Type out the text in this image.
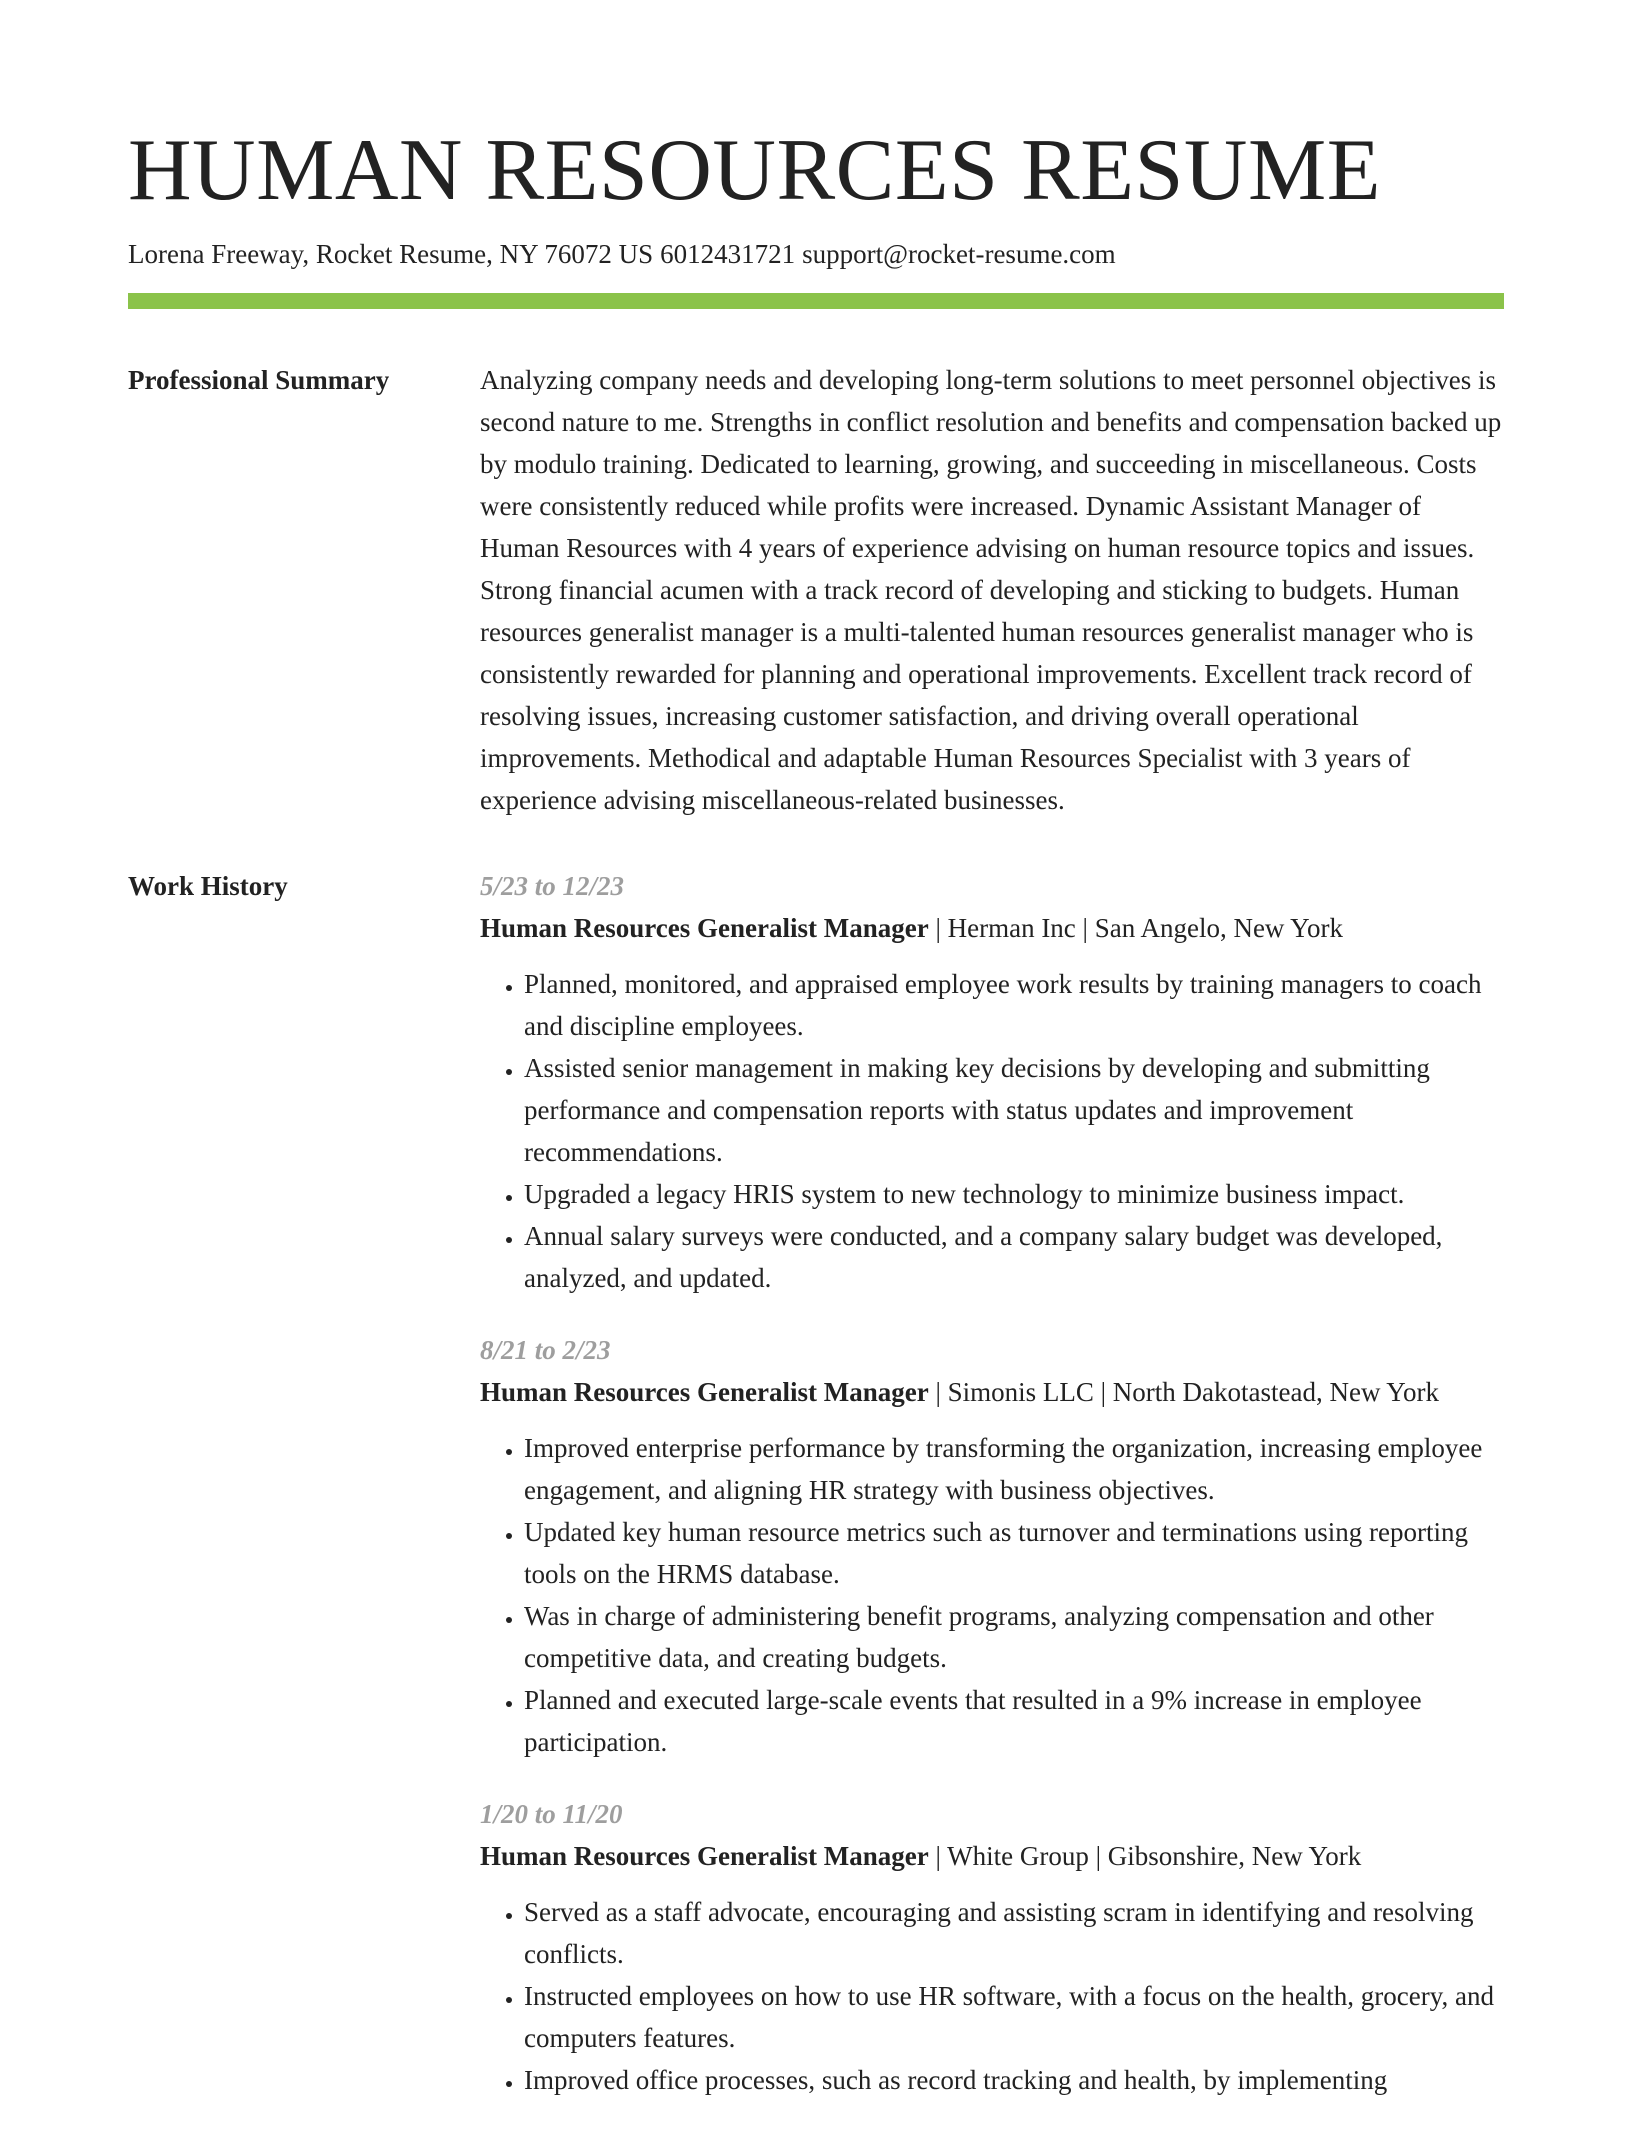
HUMAN RESOURCES RESUME
Lorena Freeway, Rocket Resume, NY 76072 US 6012431721 support@rocket-resume.com
Professional Summary	Analyzing company needs and developing long-term solutions to meet personnel objectives is second nature to me. Strengths in conflict resolution and benefits and compensation backed up by modulo training. Dedicated to learning, growing, and succeeding in miscellaneous. Costs were consistently reduced while profits were increased. Dynamic Assistant Manager of Human Resources with 4 years of experience advising on human resource topics and issues. Strong financial acumen with a track record of developing and sticking to budgets. Human resources generalist manager is a multi-talented human resources generalist manager who is consistently rewarded for planning and operational improvements. Excellent track record of resolving issues, increasing customer satisfaction, and driving overall operational improvements. Methodical and adaptable Human Resources Specialist with 3 years of experience advising miscellaneous-related businesses.

Work History	5/23 to 12/23
Human Resources Generalist Manager | Herman Inc | San Angelo, New York
• Planned, monitored, and appraised employee work results by training managers to coach and discipline employees.
• Assisted senior management in making key decisions by developing and submitting performance and compensation reports with status updates and improvement recommendations.
• Upgraded a legacy HRIS system to new technology to minimize business impact.
• Annual salary surveys were conducted, and a company salary budget was developed, analyzed, and updated.
8/21 to 2/23
Human Resources Generalist Manager | Simonis LLC | North Dakotastead, New York
• Improved enterprise performance by transforming the organization, increasing employee engagement, and aligning HR strategy with business objectives.
• Updated key human resource metrics such as turnover and terminations using reporting tools on the HRMS database.
• Was in charge of administering benefit programs, analyzing compensation and other competitive data, and creating budgets.
• Planned and executed large-scale events that resulted in a 9% increase in employee participation.
1/20 to 11/20
Human Resources Generalist Manager | White Group | Gibsonshire, New York
• Served as a staff advocate, encouraging and assisting scram in identifying and resolving conflicts.
• Instructed employees on how to use HR software, with a focus on the health, grocery, and computers features.
• Improved office processes, such as record tracking and health, by implementing
